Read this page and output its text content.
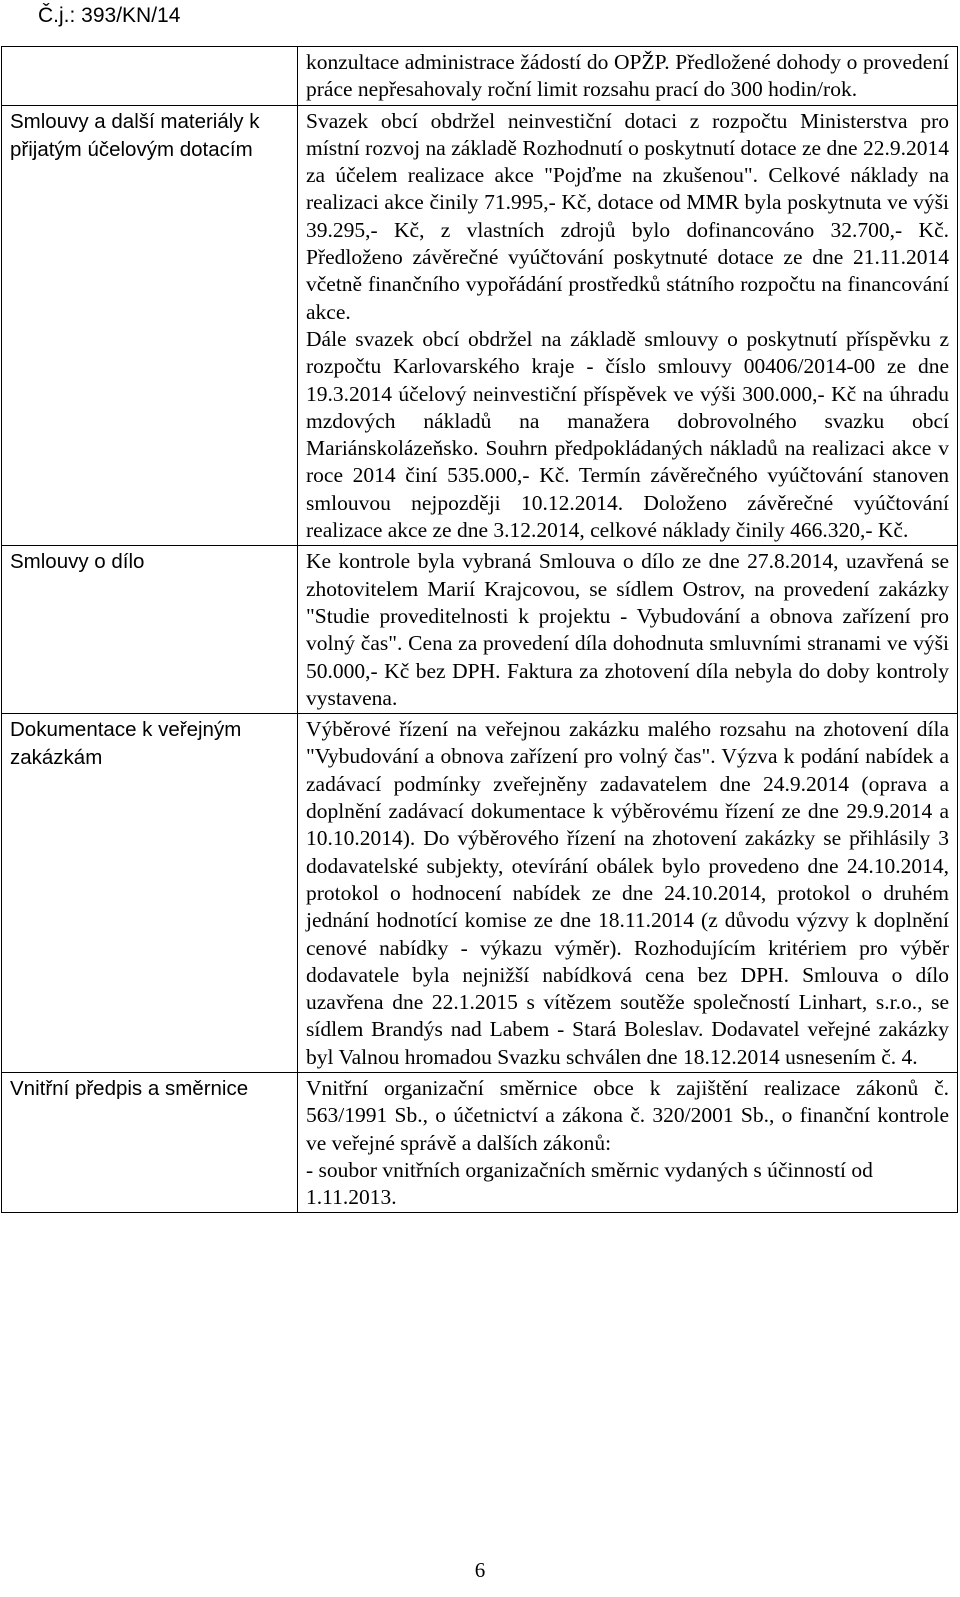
Č.j.: 393/KN/14

	konzultace administrace žádostí do OPŽP. Předložené dohody o provedení práce nepřesahovaly roční limit rozsahu prací do 300 hodin/rok.

Smlouvy a další materiály k přijatým účelovým dotacím	Svazek obcí obdržel neinvestiční dotaci z rozpočtu Ministerstva pro místní rozvoj na základě Rozhodnutí o poskytnutí dotace ze dne 22.9.2014 za účelem realizace akce "Pojďme na zkušenou". Celkové náklady na realizaci akce činily 71.995,- Kč, dotace od MMR byla poskytnuta ve výši 39.295,- Kč, z vlastních zdrojů bylo dofinancováno 32.700,- Kč. Předloženo závěrečné vyúčtování poskytnuté dotace ze dne 21.11.2014 včetně finančního vypořádání prostředků státního rozpočtu na financování akce.
Dále svazek obcí obdržel na základě smlouvy o poskytnutí příspěvku z rozpočtu Karlovarského kraje - číslo smlouvy 00406/2014-00 ze dne 19.3.2014 účelový neinvestiční příspěvek ve výši 300.000,- Kč na úhradu mzdových nákladů na manažera dobrovolného svazku obcí Mariánskolázeňsko. Souhrn předpokládaných nákladů na realizaci akce v roce 2014 činí 535.000,- Kč. Termín závěrečného vyúčtování stanoven smlouvou nejpozději 10.12.2014. Doloženo závěrečné vyúčtování realizace akce ze dne 3.12.2014, celkové náklady činily 466.320,- Kč.

Smlouvy o dílo	Ke kontrole byla vybraná Smlouva o dílo ze dne 27.8.2014, uzavřená se zhotovitelem Marií Krajcovou, se sídlem Ostrov, na provedení zakázky "Studie proveditelnosti k projektu - Vybudování a obnova zařízení pro volný čas". Cena za provedení díla dohodnuta smluvními stranami ve výši 50.000,- Kč bez DPH. Faktura za zhotovení díla nebyla do doby kontroly vystavena.

Dokumentace k veřejným zakázkám	Výběrové řízení na veřejnou zakázku malého rozsahu na zhotovení díla "Vybudování a obnova zařízení pro volný čas". Výzva k podání nabídek a zadávací podmínky zveřejněny zadavatelem dne 24.9.2014 (oprava a doplnění zadávací dokumentace k výběrovému řízení ze dne 29.9.2014 a 10.10.2014). Do výběrového řízení na zhotovení zakázky se přihlásily 3 dodavatelské subjekty, otevírání obálek bylo provedeno dne 24.10.2014, protokol o hodnocení nabídek ze dne 24.10.2014, protokol o druhém jednání hodnotící komise ze dne 18.11.2014 (z důvodu výzvy k doplnění cenové nabídky - výkazu výměr). Rozhodujícím kritériem pro výběr dodavatele byla nejnižší nabídková cena bez DPH. Smlouva o dílo uzavřena dne 22.1.2015 s vítězem soutěže společností Linhart, s.r.o., se sídlem Brandýs nad Labem - Stará Boleslav. Dodavatel veřejné zakázky byl Valnou hromadou Svazku schválen dne 18.12.2014 usnesením č. 4.

Vnitřní předpis a směrnice	Vnitřní organizační směrnice obce k zajištění realizace zákonů č. 563/1991 Sb., o účetnictví a zákona č. 320/2001 Sb., o finanční kontrole ve veřejné správě a dalších zákonů:
- soubor vnitřních organizačních směrnic vydaných s účinností od 1.11.2013.
6
